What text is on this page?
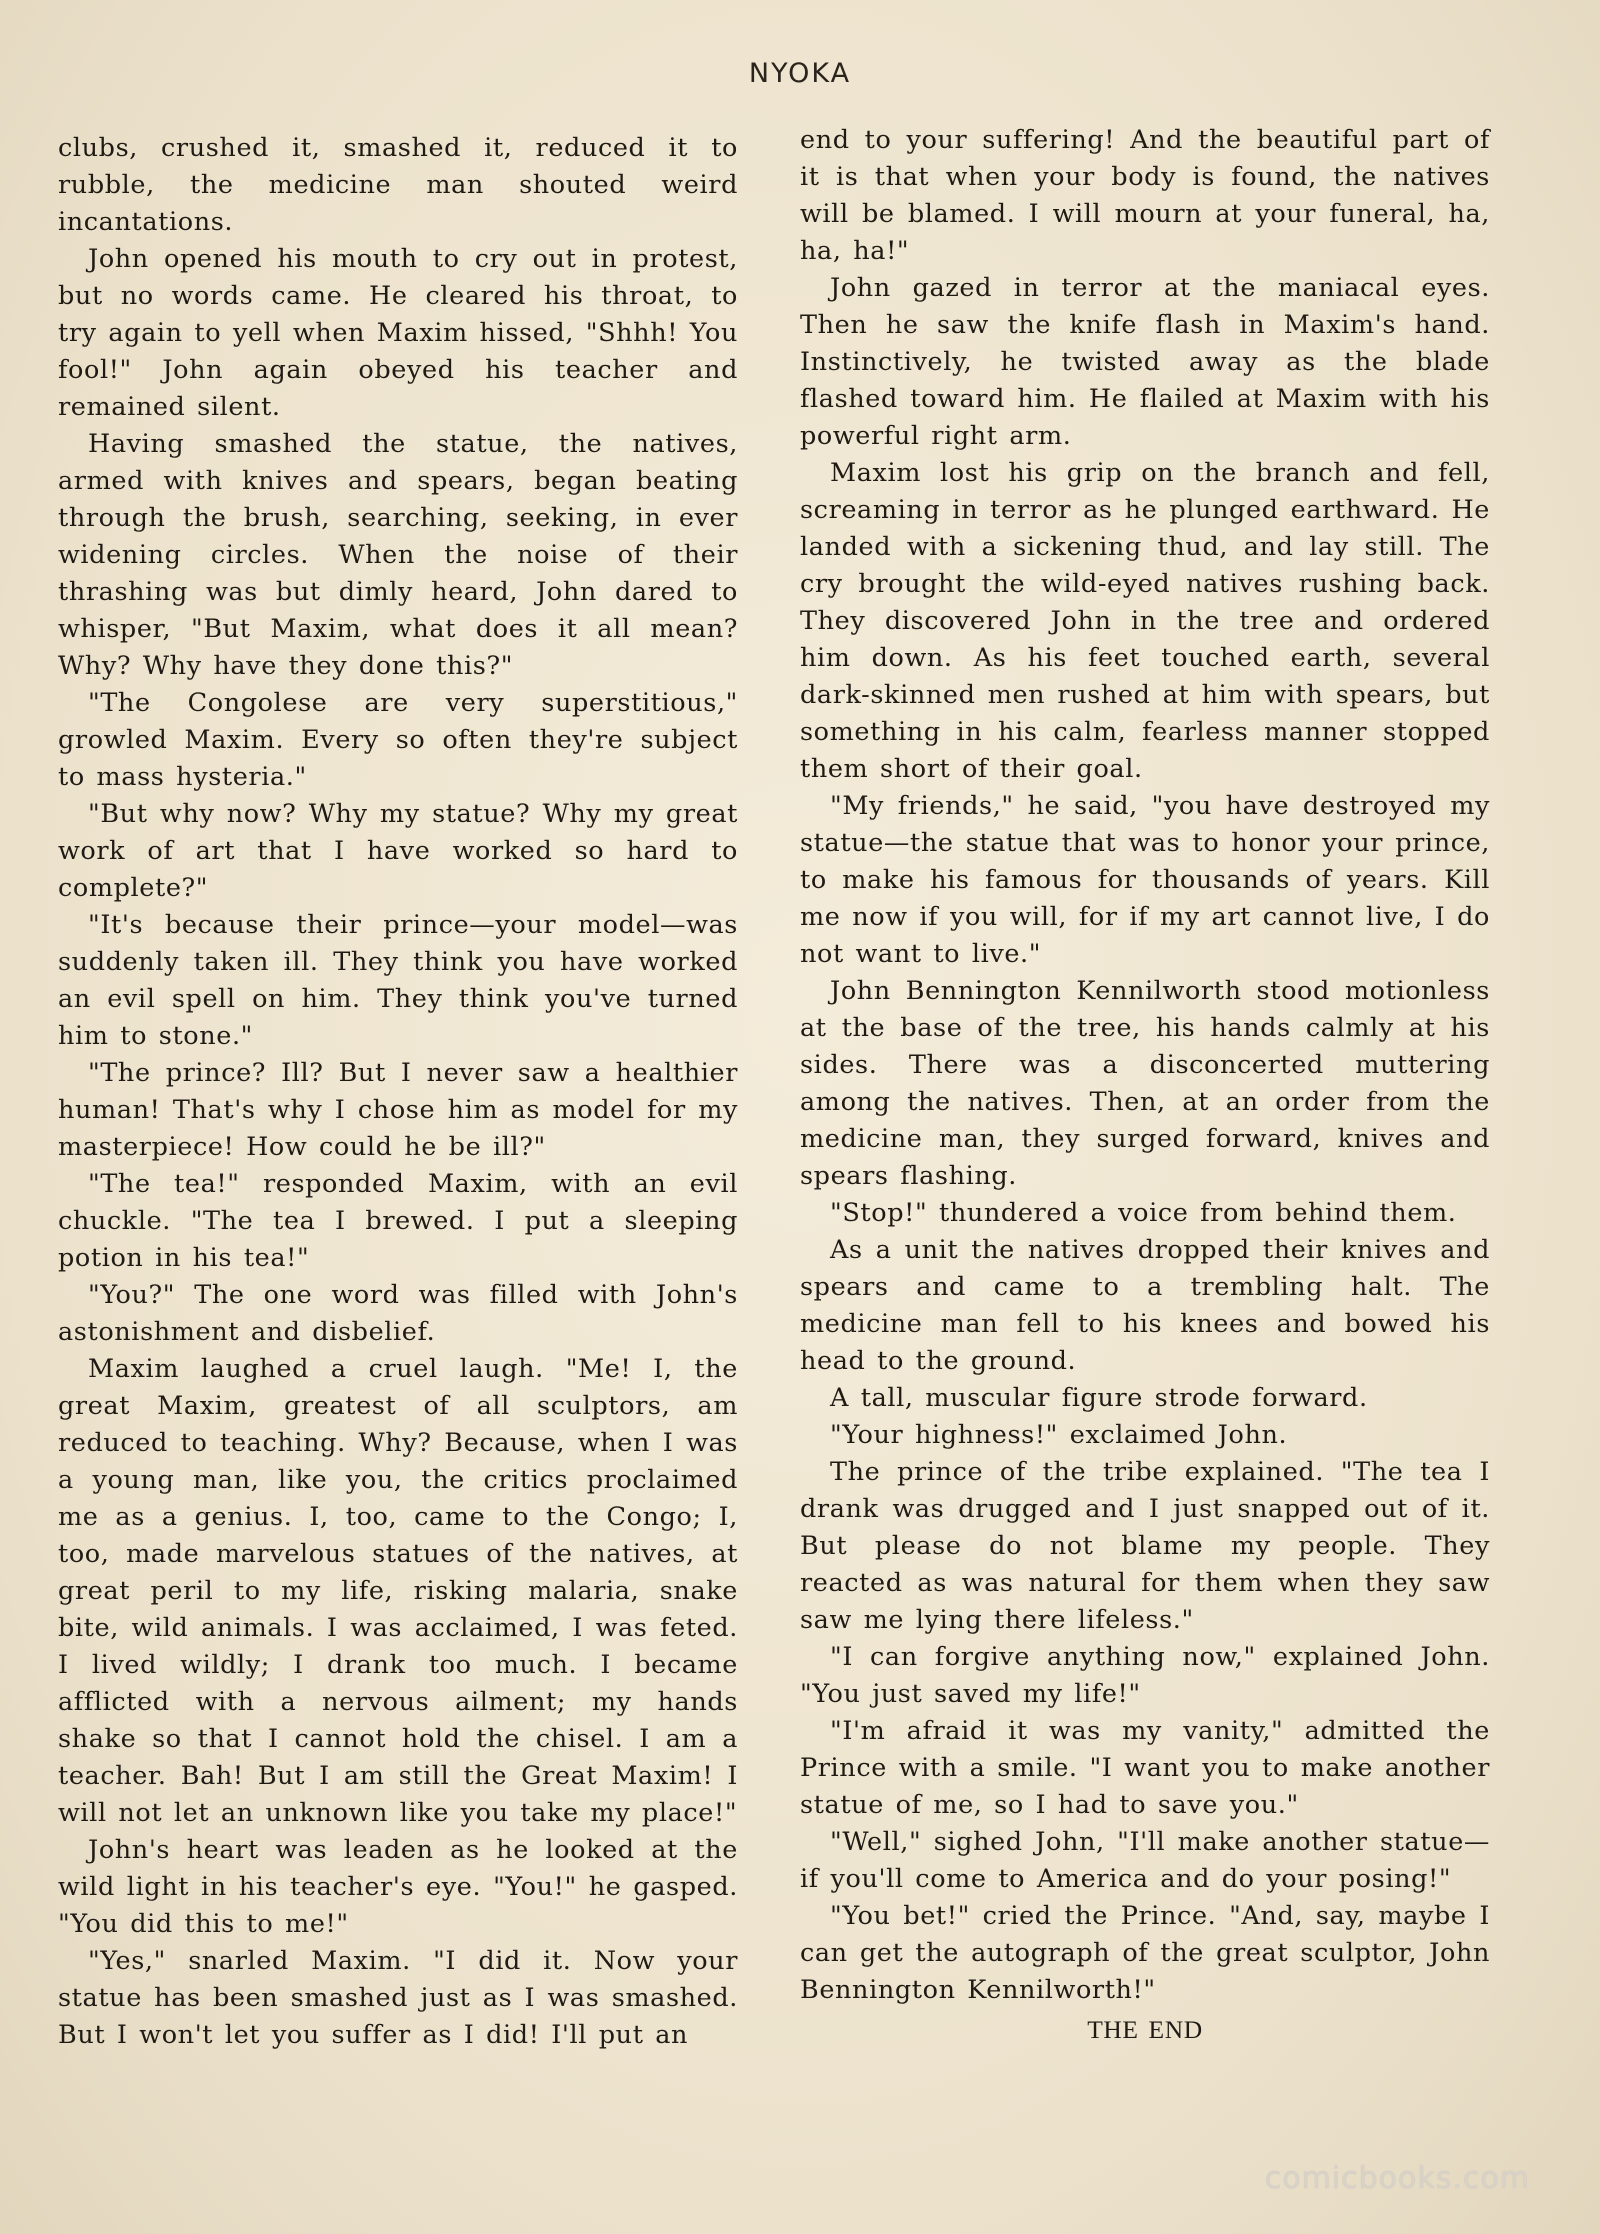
NYOKA

clubs, crushed it, smashed it, reduced it to rubble, the medicine man shouted weird incantations.

John opened his mouth to cry out in protest, but no words came. He cleared his throat, to try again to yell when Maxim hissed, "Shhh! You fool!" John again obeyed his teacher and remained silent.

Having smashed the statue, the natives, armed with knives and spears, began beating through the brush, searching, seeking, in ever widening circles. When the noise of their thrashing was but dimly heard, John dared to whisper, "But Maxim, what does it all mean? Why? Why have they done this?"

"The Congolese are very superstitious," growled Maxim. Every so often they're subject to mass hysteria."

"But why now? Why my statue? Why my great work of art that I have worked so hard to complete?"

"It's because their prince—your model—was suddenly taken ill. They think you have worked an evil spell on him. They think you've turned him to stone."

"The prince? Ill? But I never saw a healthier human! That's why I chose him as model for my masterpiece! How could he be ill?"

"The tea!" responded Maxim, with an evil chuckle. "The tea I brewed. I put a sleeping potion in his tea!"

"You?" The one word was filled with John's astonishment and disbelief.

Maxim laughed a cruel laugh. "Me! I, the great Maxim, greatest of all sculptors, am reduced to teaching. Why? Because, when I was a young man, like you, the critics proclaimed me as a genius. I, too, came to the Congo; I, too, made marvelous statues of the natives, at great peril to my life, risking malaria, snake bite, wild animals. I was acclaimed, I was feted. I lived wildly; I drank too much. I became afflicted with a nervous ailment; my hands shake so that I cannot hold the chisel. I am a teacher. Bah! But I am still the Great Maxim! I will not let an unknown like you take my place!"

John's heart was leaden as he looked at the wild light in his teacher's eye. "You!" he gasped. "You did this to me!"

"Yes," snarled Maxim. "I did it. Now your statue has been smashed just as I was smashed. But I won't let you suffer as I did! I'll put an

end to your suffering! And the beautiful part of it is that when your body is found, the natives will be blamed. I will mourn at your funeral, ha, ha, ha!"

John gazed in terror at the maniacal eyes. Then he saw the knife flash in Maxim's hand. Instinctively, he twisted away as the blade flashed toward him. He flailed at Maxim with his powerful right arm.

Maxim lost his grip on the branch and fell, screaming in terror as he plunged earthward. He landed with a sickening thud, and lay still. The cry brought the wild-eyed natives rushing back. They discovered John in the tree and ordered him down. As his feet touched earth, several dark-skinned men rushed at him with spears, but something in his calm, fearless manner stopped them short of their goal.

"My friends," he said, "you have destroyed my statue—the statue that was to honor your prince, to make his famous for thousands of years. Kill me now if you will, for if my art cannot live, I do not want to live."

John Bennington Kennilworth stood motionless at the base of the tree, his hands calmly at his sides. There was a disconcerted muttering among the natives. Then, at an order from the medicine man, they surged forward, knives and spears flashing.

"Stop!" thundered a voice from behind them.

As a unit the natives dropped their knives and spears and came to a trembling halt. The medicine man fell to his knees and bowed his head to the ground.

A tall, muscular figure strode forward.

"Your highness!" exclaimed John.

The prince of the tribe explained. "The tea I drank was drugged and I just snapped out of it. But please do not blame my people. They reacted as was natural for them when they saw saw me lying there lifeless."

"I can forgive anything now," explained John. "You just saved my life!"

"I'm afraid it was my vanity," admitted the Prince with a smile. "I want you to make another statue of me, so I had to save you."

"Well," sighed John, "I'll make another statue—if you'll come to America and do your posing!"

"You bet!" cried the Prince. "And, say, maybe I can get the autograph of the great sculptor, John Bennington Kennilworth!"

THE END

comicbooks.com
